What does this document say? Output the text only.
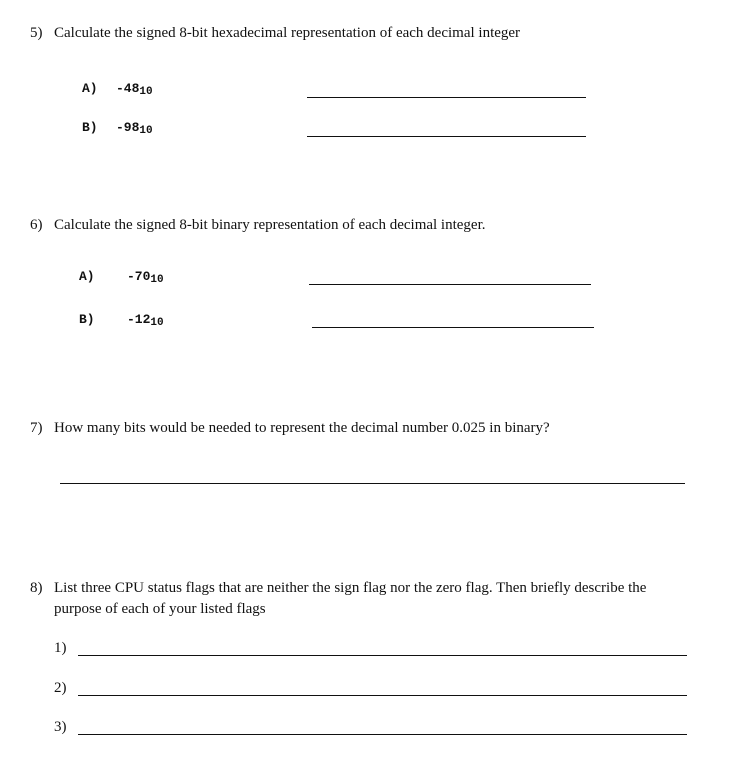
5) Calculate the signed 8-bit hexadecimal representation of each decimal integer
A) $-48_{10}$
B) $-98_{10}$
6) Calculate the signed 8-bit binary representation of each decimal integer.
A) $-70_{10}$
B) $-12_{10}$
7) How many bits would be needed to represent the decimal number 0.025 in binary?
8) List three CPU status flags that are neither the sign flag nor the zero flag. Then briefly describe the
purpose of each of your listed flags
1)
2)
3)
